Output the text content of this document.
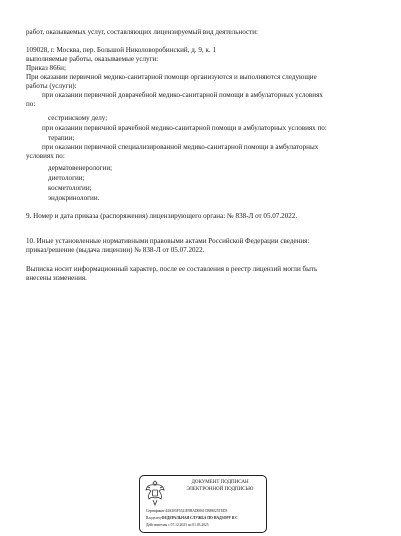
работ, оказываемых услуг, составляющих лицензируемый вид деятельности:
109028, г. Москва, пер. Большой Николоворобинский, д. 9, к. 1
выполняемые работы, оказываемые услуги:
Приказ 866н;
При оказании первичной медико-санитарной помощи организуются и выполняются следующие
работы (услуги):
при оказании первичной доврачебной медико-санитарной помощи в амбулаторных условиях
по:
сестринскому делу;
при оказании первичной врачебной медико-санитарной помощи в амбулаторных условиях по:
терапии;
при оказании первичной специализированной медико-санитарной помощи в амбулаторных
условиях по:
дерматовенерологии;
диетологии;
косметологии;
эндокринологии.
9. Номер и дата приказа (распоряжения) лицензирующего органа: № 838-Л от 05.07.2022.
10. Иные установленные нормативными правовыми актами Российской Федерации сведения:
приказ/решение (выдача лицензии) № 838-Л от 05.07.2022.
Выписка носит информационный характер, после ее составления в реестр лицензий могли быть
внесены изменения.
ДОКУМЕНТ ПОДПИСАН
ЭЛЕКТРОННОЙ ПОДПИСЬЮ
Сертификат 44А305F5521E9BAD0061CB88025TED3
Владелец ФЕДЕРАЛЬНАЯ СЛУЖБА ПО НАДЗОРУ В С
Действителен с 07.12.2023 по 01.03.2025
